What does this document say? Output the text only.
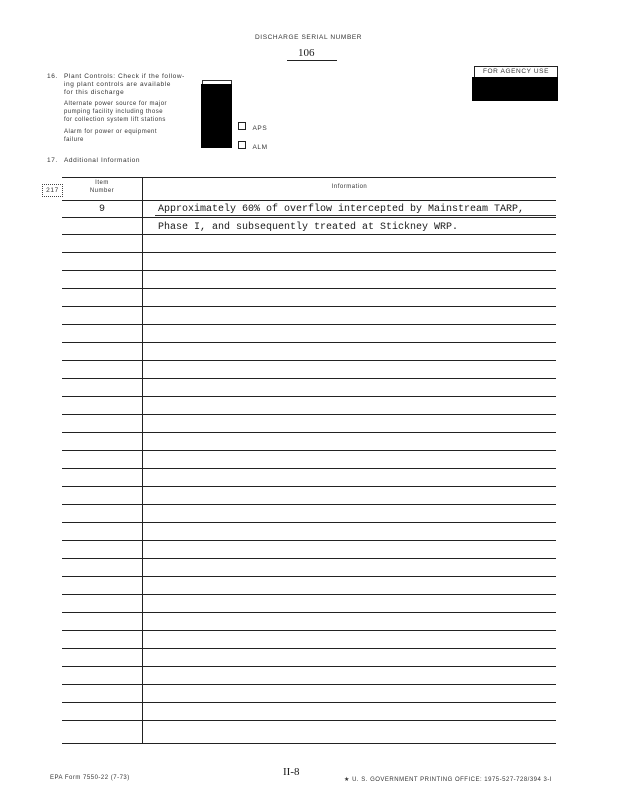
DISCHARGE SERIAL NUMBER
106
FOR AGENCY USE
16. Plant Controls: Check if the follow-
ing plant controls are available
for this discharge
Alternate power source for major
pumping facility including those
for collection system lift stations
Alarm for power or equipment
failure
APS
ALM
17. Additional Information
217
Item
Number
Information
9	Approximately 60% of overflow intercepted by Mainstream TARP,
Phase I, and subsequently treated at Stickney WRP.
EPA Form 7550-22 (7-73)	II-8
★ U. S. GOVERNMENT PRINTING OFFICE: 1975-527-728/394 3-I
